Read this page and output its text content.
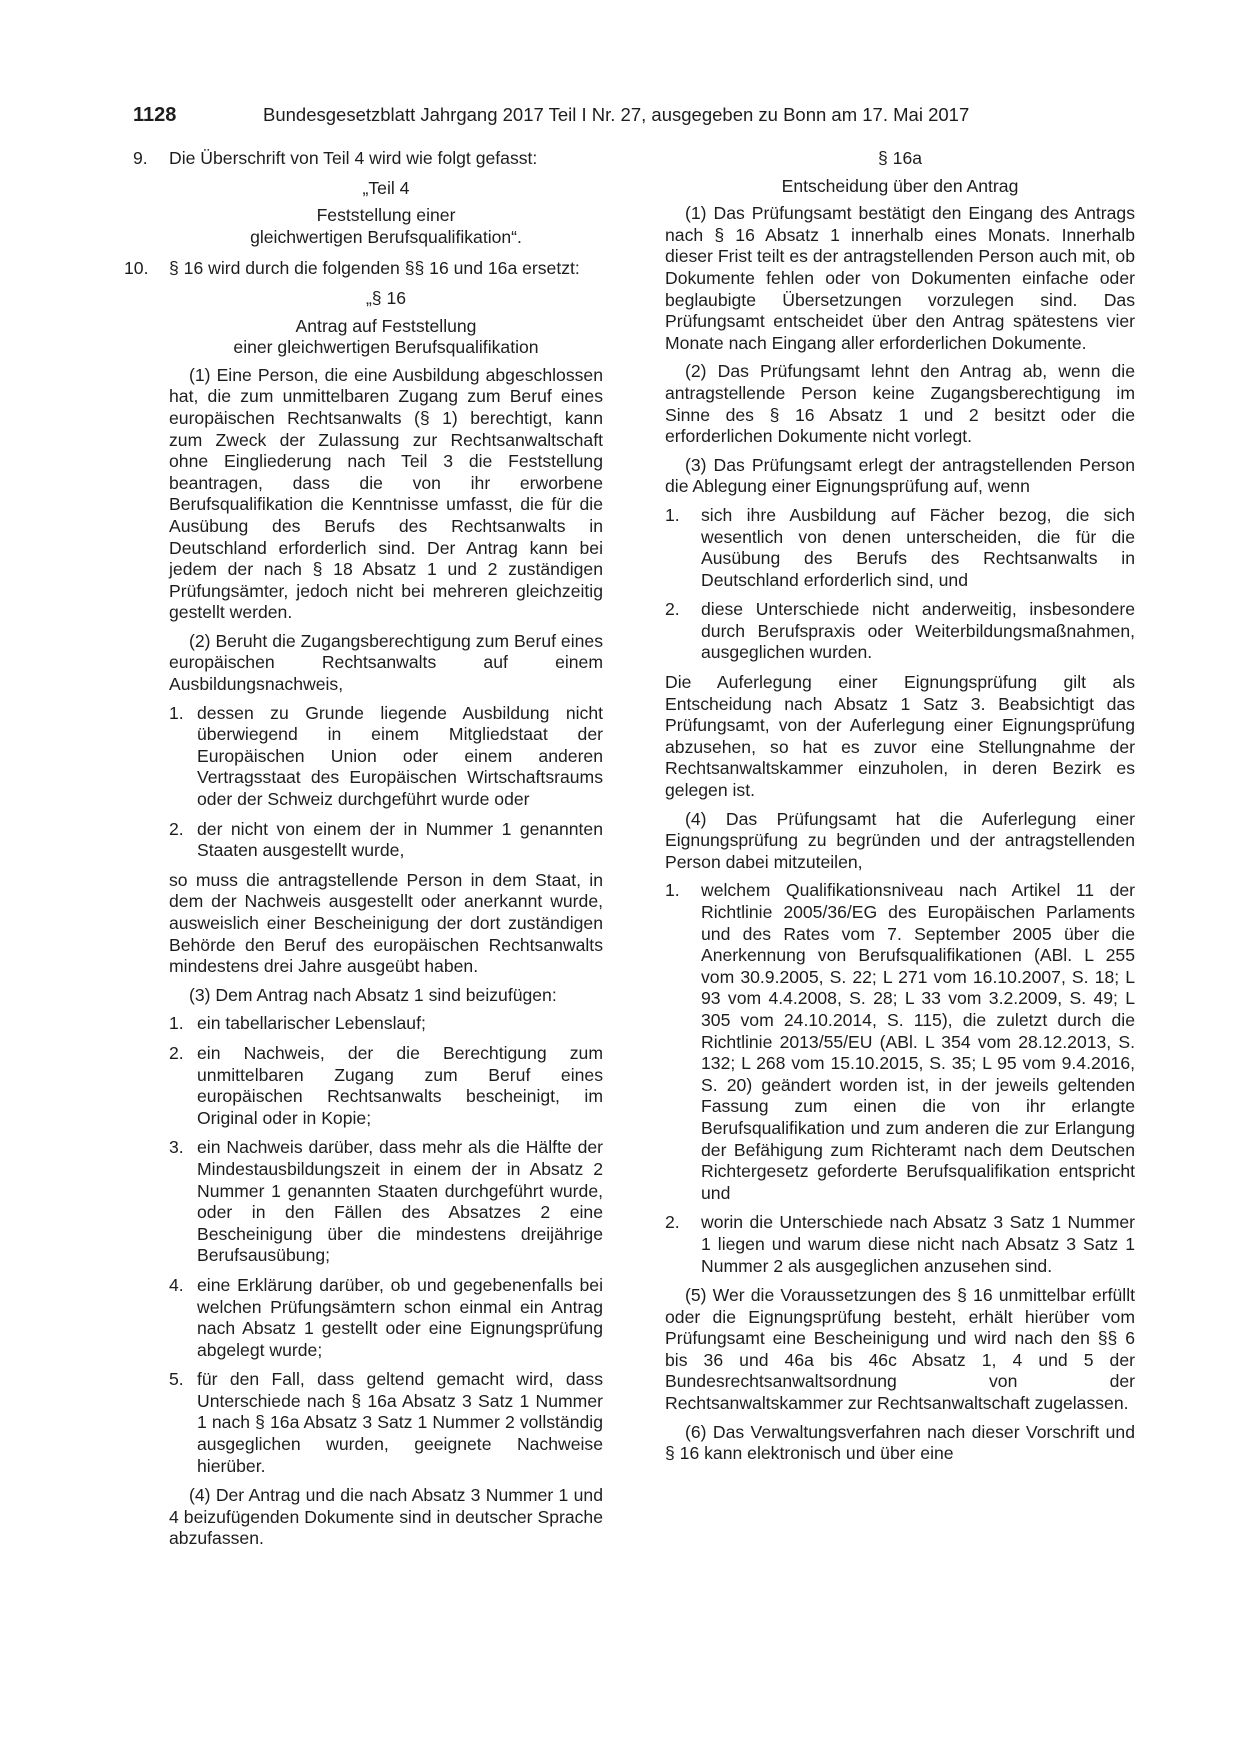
1128	Bundesgesetzblatt Jahrgang 2017 Teil I Nr. 27, ausgegeben zu Bonn am 17. Mai 2017
9.	Die Überschrift von Teil 4 wird wie folgt gefasst:

„Teil 4

Feststellung einer

gleichwertigen Berufsqualifikation“.

10.	§ 16 wird durch die folgenden §§ 16 und 16a ersetzt:

„§ 16

Antrag auf Feststellung

einer gleichwertigen Berufsqualifikation

(1) Eine Person, die eine Ausbildung abgeschlossen hat, die zum unmittelbaren Zugang zum Beruf eines europäischen Rechtsanwalts (§ 1) berechtigt, kann zum Zweck der Zulassung zur Rechtsanwaltschaft ohne Eingliederung nach Teil 3 die Feststellung beantragen, dass die von ihr erworbene Berufsqualifikation die Kenntnisse umfasst, die für die Ausübung des Berufs des Rechtsanwalts in Deutschland erforderlich sind. Der Antrag kann bei jedem der nach § 18 Absatz 1 und 2 zuständigen Prüfungsämter, jedoch nicht bei mehreren gleichzeitig gestellt werden.

(2) Beruht die Zugangsberechtigung zum Beruf eines europäischen Rechtsanwalts auf einem Ausbildungsnachweis,

1. dessen zu Grunde liegende Ausbildung nicht überwiegend in einem Mitgliedstaat der Europäischen Union oder einem anderen Vertragsstaat des Europäischen Wirtschaftsraums oder der Schweiz durchgeführt wurde oder
2. der nicht von einem der in Nummer 1 genannten Staaten ausgestellt wurde,

so muss die antragstellende Person in dem Staat, in dem der Nachweis ausgestellt oder anerkannt wurde, ausweislich einer Bescheinigung der dort zuständigen Behörde den Beruf des europäischen Rechtsanwalts mindestens drei Jahre ausgeübt haben.

(3) Dem Antrag nach Absatz 1 sind beizufügen:

1. ein tabellarischer Lebenslauf;
2. ein Nachweis, der die Berechtigung zum unmittelbaren Zugang zum Beruf eines europäischen Rechtsanwalts bescheinigt, im Original oder in Kopie;
3. ein Nachweis darüber, dass mehr als die Hälfte der Mindestausbildungszeit in einem der in Absatz 2 Nummer 1 genannten Staaten durchgeführt wurde, oder in den Fällen des Absatzes 2 eine Bescheinigung über die mindestens dreijährige Berufsausübung;
4. eine Erklärung darüber, ob und gegebenenfalls bei welchen Prüfungsämtern schon einmal ein Antrag nach Absatz 1 gestellt oder eine Eignungsprüfung abgelegt wurde;
5. für den Fall, dass geltend gemacht wird, dass Unterschiede nach § 16a Absatz 3 Satz 1 Nummer 1 nach § 16a Absatz 3 Satz 1 Nummer 2 vollständig ausgeglichen wurden, geeignete Nachweise hierüber.

(4) Der Antrag und die nach Absatz 3 Nummer 1 und 4 beizufügenden Dokumente sind in deutscher Sprache abzufassen.

§ 16a

Entscheidung über den Antrag

(1) Das Prüfungsamt bestätigt den Eingang des Antrags nach § 16 Absatz 1 innerhalb eines Monats. Innerhalb dieser Frist teilt es der antragstellenden Person auch mit, ob Dokumente fehlen oder von Dokumenten einfache oder beglaubigte Übersetzungen vorzulegen sind. Das Prüfungsamt entscheidet über den Antrag spätestens vier Monate nach Eingang aller erforderlichen Dokumente.

(2) Das Prüfungsamt lehnt den Antrag ab, wenn die antragstellende Person keine Zugangsberechtigung im Sinne des § 16 Absatz 1 und 2 besitzt oder die erforderlichen Dokumente nicht vorlegt.

(3) Das Prüfungsamt erlegt der antragstellenden Person die Ablegung einer Eignungsprüfung auf, wenn

1.	sich ihre Ausbildung auf Fächer bezog, die sich wesentlich von denen unterscheiden, die für die Ausübung des Berufs des Rechtsanwalts in Deutschland erforderlich sind, und
2.	diese Unterschiede nicht anderweitig, insbesondere durch Berufspraxis oder Weiterbildungsmaßnahmen, ausgeglichen wurden.

Die Auferlegung einer Eignungsprüfung gilt als Entscheidung nach Absatz 1 Satz 3. Beabsichtigt das Prüfungsamt, von der Auferlegung einer Eignungsprüfung abzusehen, so hat es zuvor eine Stellungnahme der Rechtsanwaltskammer einzuholen, in deren Bezirk es gelegen ist.

(4) Das Prüfungsamt hat die Auferlegung einer Eignungsprüfung zu begründen und der antragstellenden Person dabei mitzuteilen,

1.	welchem Qualifikationsniveau nach Artikel 11 der Richtlinie 2005/36/EG des Europäischen Parlaments und des Rates vom 7. September 2005 über die Anerkennung von Berufsqualifikationen (ABl. L 255 vom 30.9.2005, S. 22; L 271 vom 16.10.2007, S. 18; L 93 vom 4.4.2008, S. 28; L 33 vom 3.2.2009, S. 49; L 305 vom 24.10.2014, S. 115), die zuletzt durch die Richtlinie 2013/55/EU (ABl. L 354 vom 28.12.2013, S. 132; L 268 vom 15.10.2015, S. 35; L 95 vom 9.4.2016, S. 20) geändert worden ist, in der jeweils geltenden Fassung zum einen die von ihr erlangte Berufsqualifikation und zum anderen die zur Erlangung der Befähigung zum Richteramt nach dem Deutschen Richtergesetz geforderte Berufsqualifikation entspricht und
2.	worin die Unterschiede nach Absatz 3 Satz 1 Nummer 1 liegen und warum diese nicht nach Absatz 3 Satz 1 Nummer 2 als ausgeglichen anzusehen sind.

(5) Wer die Voraussetzungen des § 16 unmittelbar erfüllt oder die Eignungsprüfung besteht, erhält hierüber vom Prüfungsamt eine Bescheinigung und wird nach den §§ 6 bis 36 und 46a bis 46c Absatz 1, 4 und 5 der Bundesrechtsanwaltsordnung von der Rechtsanwaltskammer zur Rechtsanwaltschaft zugelassen.

(6) Das Verwaltungsverfahren nach dieser Vorschrift und § 16 kann elektronisch und über eine
